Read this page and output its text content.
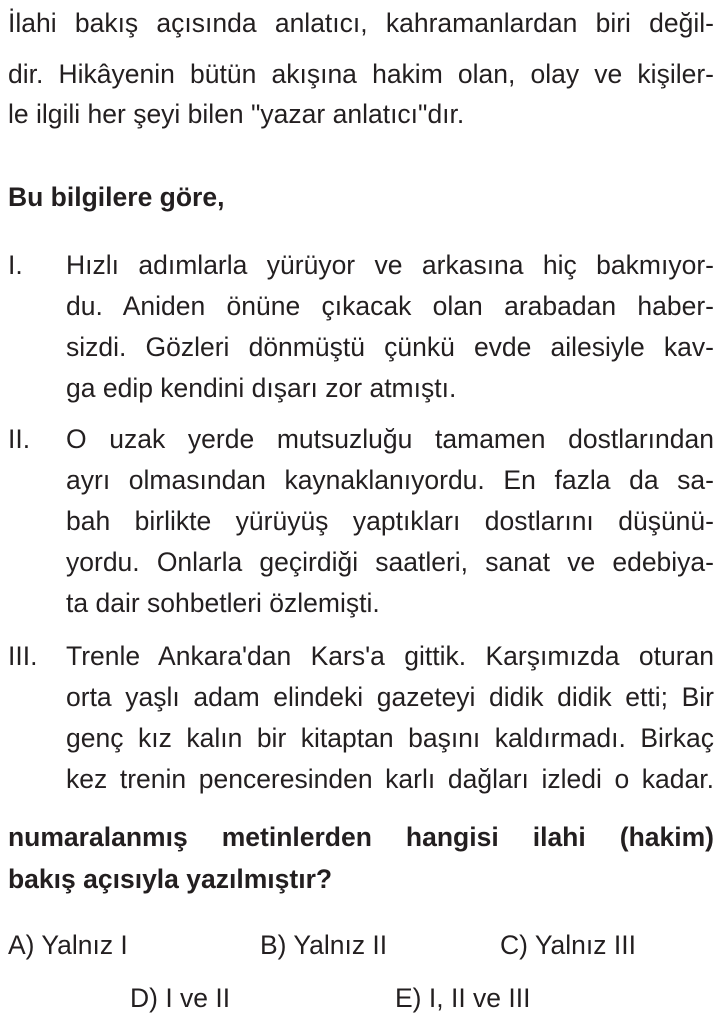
İlahi bakış açısında anlatıcı, kahramanlardan biri değil-
dir. Hikâyenin bütün akışına hakim olan, olay ve kişiler-
le ilgili her şeyi bilen "yazar anlatıcı"dır.
Bu bilgilere göre,
I. Hızlı adımlarla yürüyor ve arkasına hiç bakmıyor-
du. Aniden önüne çıkacak olan arabadan haber-
sizdi. Gözleri dönmüştü çünkü evde ailesiyle kav-
ga edip kendini dışarı zor atmıştı.
II. O uzak yerde mutsuzluğu tamamen dostlarından
ayrı olmasından kaynaklanıyordu. En fazla da sa-
bah birlikte yürüyüş yaptıkları dostlarını düşünü-
yordu. Onlarla geçirdiği saatleri, sanat ve edebiya-
ta dair sohbetleri özlemişti.
III. Trenle Ankara'dan Kars'a gittik. Karşımızda oturan
orta yaşlı adam elindeki gazeteyi didik didik etti; Bir
genç kız kalın bir kitaptan başını kaldırmadı. Birkaç
kez trenin penceresinden karlı dağları izledi o kadar.
numaralanmış metinlerden hangisi ilahi (hakim)
bakış açısıyla yazılmıştır?
A) Yalnız I	B) Yalnız II	C) Yalnız III
D) I ve II	E) I, II ve III
